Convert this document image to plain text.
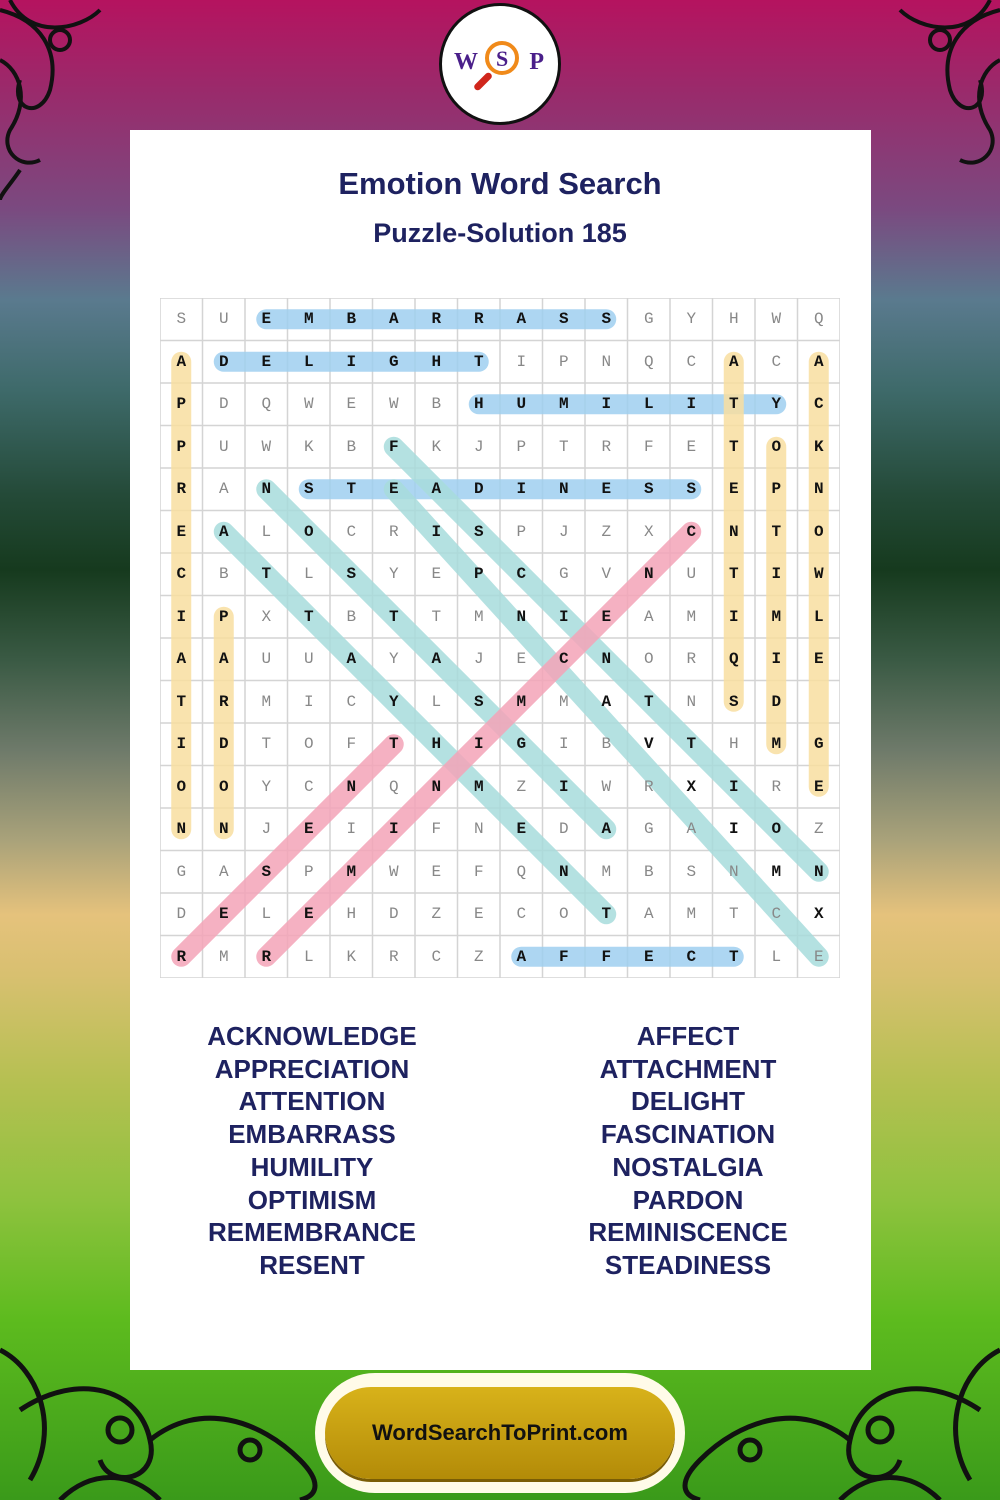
W S P
Emotion Word Search
Puzzle-Solution 185
S	U	E	M	B	A	R	R	A	S	S	G	Y	H	W	Q
A	D	E	L	I	G	H	T	I	P	N	Q	C	A	C	A
P	D	Q	W	E	W	B	H	U	M	I	L	I	T	Y	C
P	U	W	K	B	F	K	J	P	T	R	F	E	T	O	K
R	A	N	S	T	E	A	D	I	N	E	S	S	E	P	N
E	A	L	O	C	R	I	S	P	J	Z	X	C	N	T	O
C	B	T	L	S	Y	E	P	C	G	V	N	U	T	I	W
I	P	X	T	B	T	T	M	N	I	E	A	M	I	M	L
A	A	U	U	A	Y	A	J	E	C	N	O	R	Q	I	E
T	R	M	I	C	Y	L	S	M	M	A	T	N	S	D
I	D	T	O	F	T	H	I	G	I	B	V	T	H	M	G
O	O	Y	C	N	Q	N	M	Z	I	W	R	X	I	R	E
N	N	J	E	I	I	F	N	E	D	A	G	A	I	O	Z
G	A	S	P	M	W	E	F	Q	N	M	B	S	N	M	N
D	E	L	E	H	D	Z	E	C	O	T	A	M	T	C	X
R	M	R	L	K	R	C	Z	A	F	F	E	C	T	L	E
ACKNOWLEDGE
APPRECIATION
ATTENTION
EMBARRASS
HUMILITY
OPTIMISM
REMEMBRANCE
RESENT
AFFECT
ATTACHMENT
DELIGHT
FASCINATION
NOSTALGIA
PARDON
REMINISCENCE
STEADINESS
WordSearchToPrint.com
